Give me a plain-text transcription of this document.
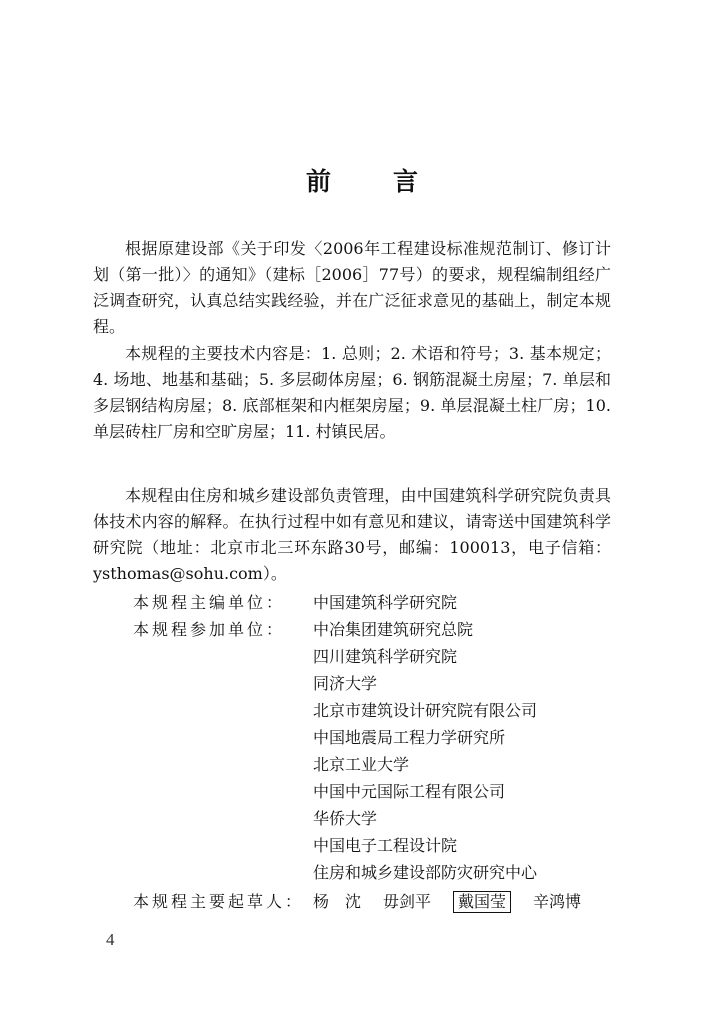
前 言

根据原建设部《关于印发〈2006年工程建设标准规范制订、修订计划（第一批）〉的通知》（建标［2006］77号）的要求，规程编制组经广泛调查研究，认真总结实践经验，并在广泛征求意见的基础上，制定本规程。

本规程的主要技术内容是：1. 总则；2. 术语和符号；3. 基本规定；4. 场地、地基和基础；5. 多层砌体房屋；6. 钢筋混凝土房屋；7. 单层和多层钢结构房屋；8. 底部框架和内框架房屋；9. 单层混凝土柱厂房；10. 单层砖柱厂房和空旷房屋；11. 村镇民居。

本规程由住房和城乡建设部负责管理，由中国建筑科学研究院负责具体技术内容的解释。在执行过程中如有意见和建议，请寄送中国建筑科学研究院（地址：北京市北三环东路30号，邮编：100013，电子信箱：ysthomas@sohu.com）。

本规程主编单位：	中国建筑科学研究院
本规程参加单位：	中冶集团建筑研究总院
四川建筑科学研究院
同济大学
北京市建筑设计研究院有限公司
中国地震局工程力学研究所
北京工业大学
中国中元国际工程有限公司
华侨大学
中国电子工程设计院
住房和城乡建设部防灾研究中心
本规程主要起草人： 杨　沈 毋剑平 戴国莹 辛鸿博
4
